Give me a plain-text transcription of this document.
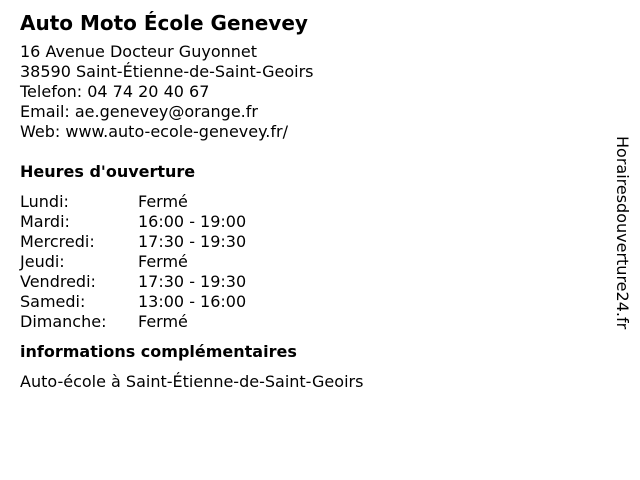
Auto Moto École Genevey
16 Avenue Docteur Guyonnet
38590 Saint-Étienne-de-Saint-Geoirs
Telefon: 04 74 20 40 67
Email: ae.genevey@orange.fr
Web: www.auto-ecole-genevey.fr/
Heures d'ouverture
Lundi:	Fermé
Mardi:	16:00 - 19:00
Mercredi:	17:30 - 19:30
Jeudi:	Fermé
Vendredi:	17:30 - 19:30
Samedi:	13:00 - 16:00
Dimanche: Fermé
informations complémentaires
Auto-école à Saint-Étienne-de-Saint-Geoirs
Horairesdouverture24.fr
